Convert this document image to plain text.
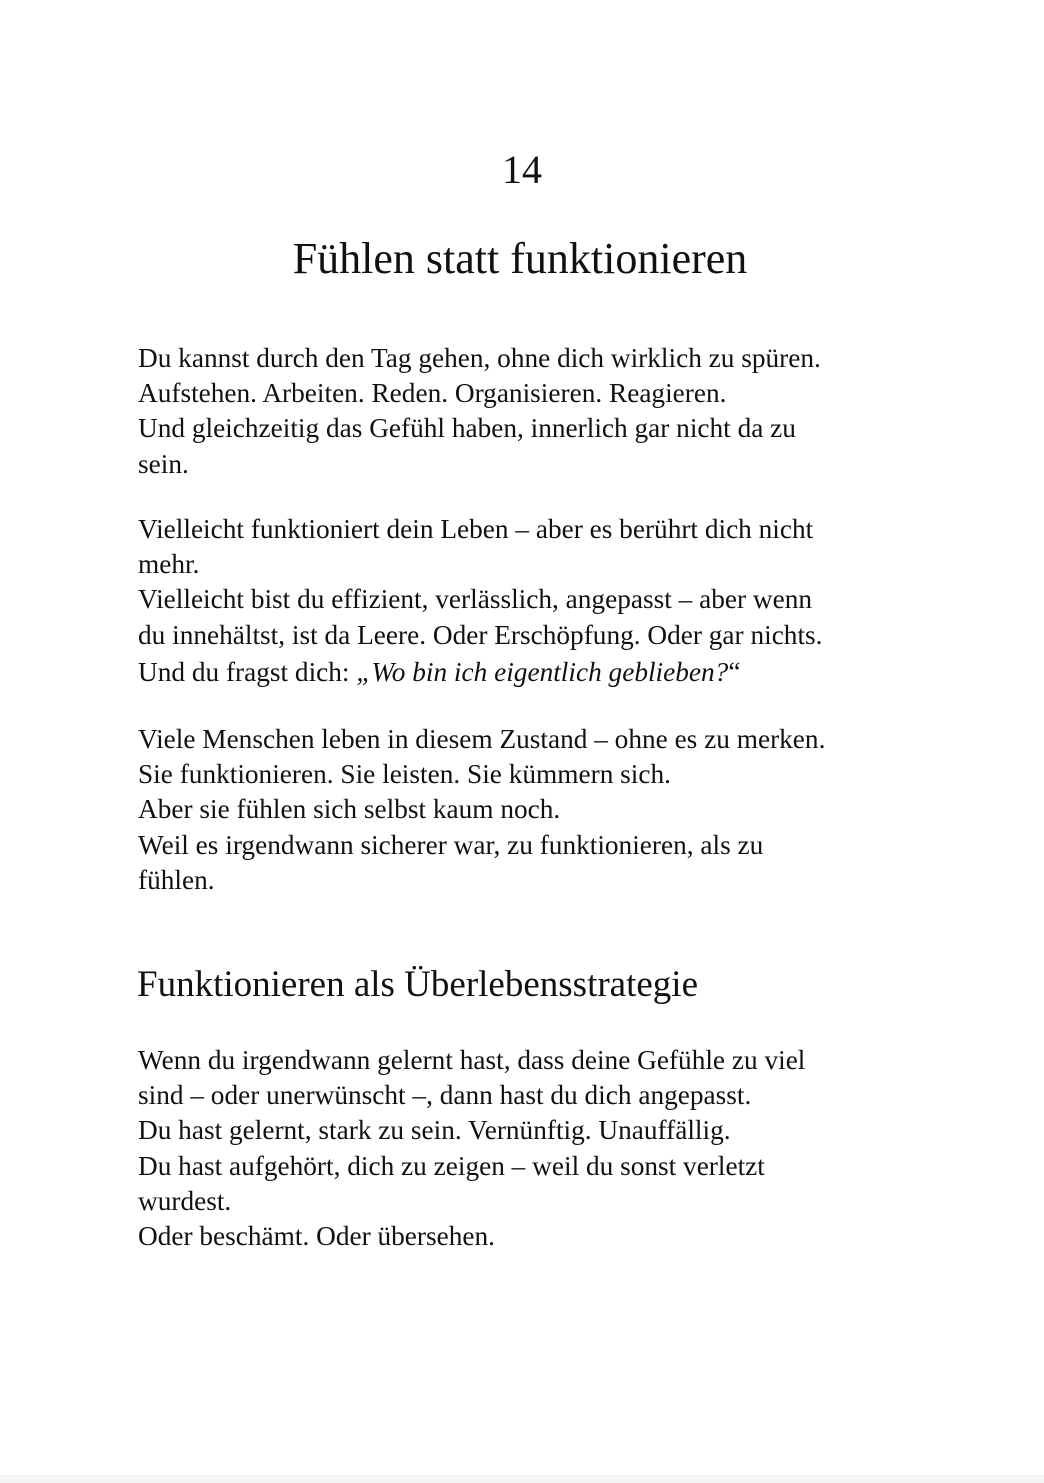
14
Fühlen statt funktionieren

Du kannst durch den Tag gehen, ohne dich wirklich zu spüren.
Aufstehen. Arbeiten. Reden. Organisieren. Reagieren.
Und gleichzeitig das Gefühl haben, innerlich gar nicht da zu
sein.

Vielleicht funktioniert dein Leben – aber es berührt dich nicht
mehr.
Vielleicht bist du effizient, verlässlich, angepasst – aber wenn
du innehältst, ist da Leere. Oder Erschöpfung. Oder gar nichts.
Und du fragst dich: „Wo bin ich eigentlich geblieben?“

Viele Menschen leben in diesem Zustand – ohne es zu merken.
Sie funktionieren. Sie leisten. Sie kümmern sich.
Aber sie fühlen sich selbst kaum noch.
Weil es irgendwann sicherer war, zu funktionieren, als zu
fühlen.

Funktionieren als Überlebensstrategie

Wenn du irgendwann gelernt hast, dass deine Gefühle zu viel
sind – oder unerwünscht –, dann hast du dich angepasst.
Du hast gelernt, stark zu sein. Vernünftig. Unauffällig.
Du hast aufgehört, dich zu zeigen – weil du sonst verletzt
wurdest.
Oder beschämt. Oder übersehen.
